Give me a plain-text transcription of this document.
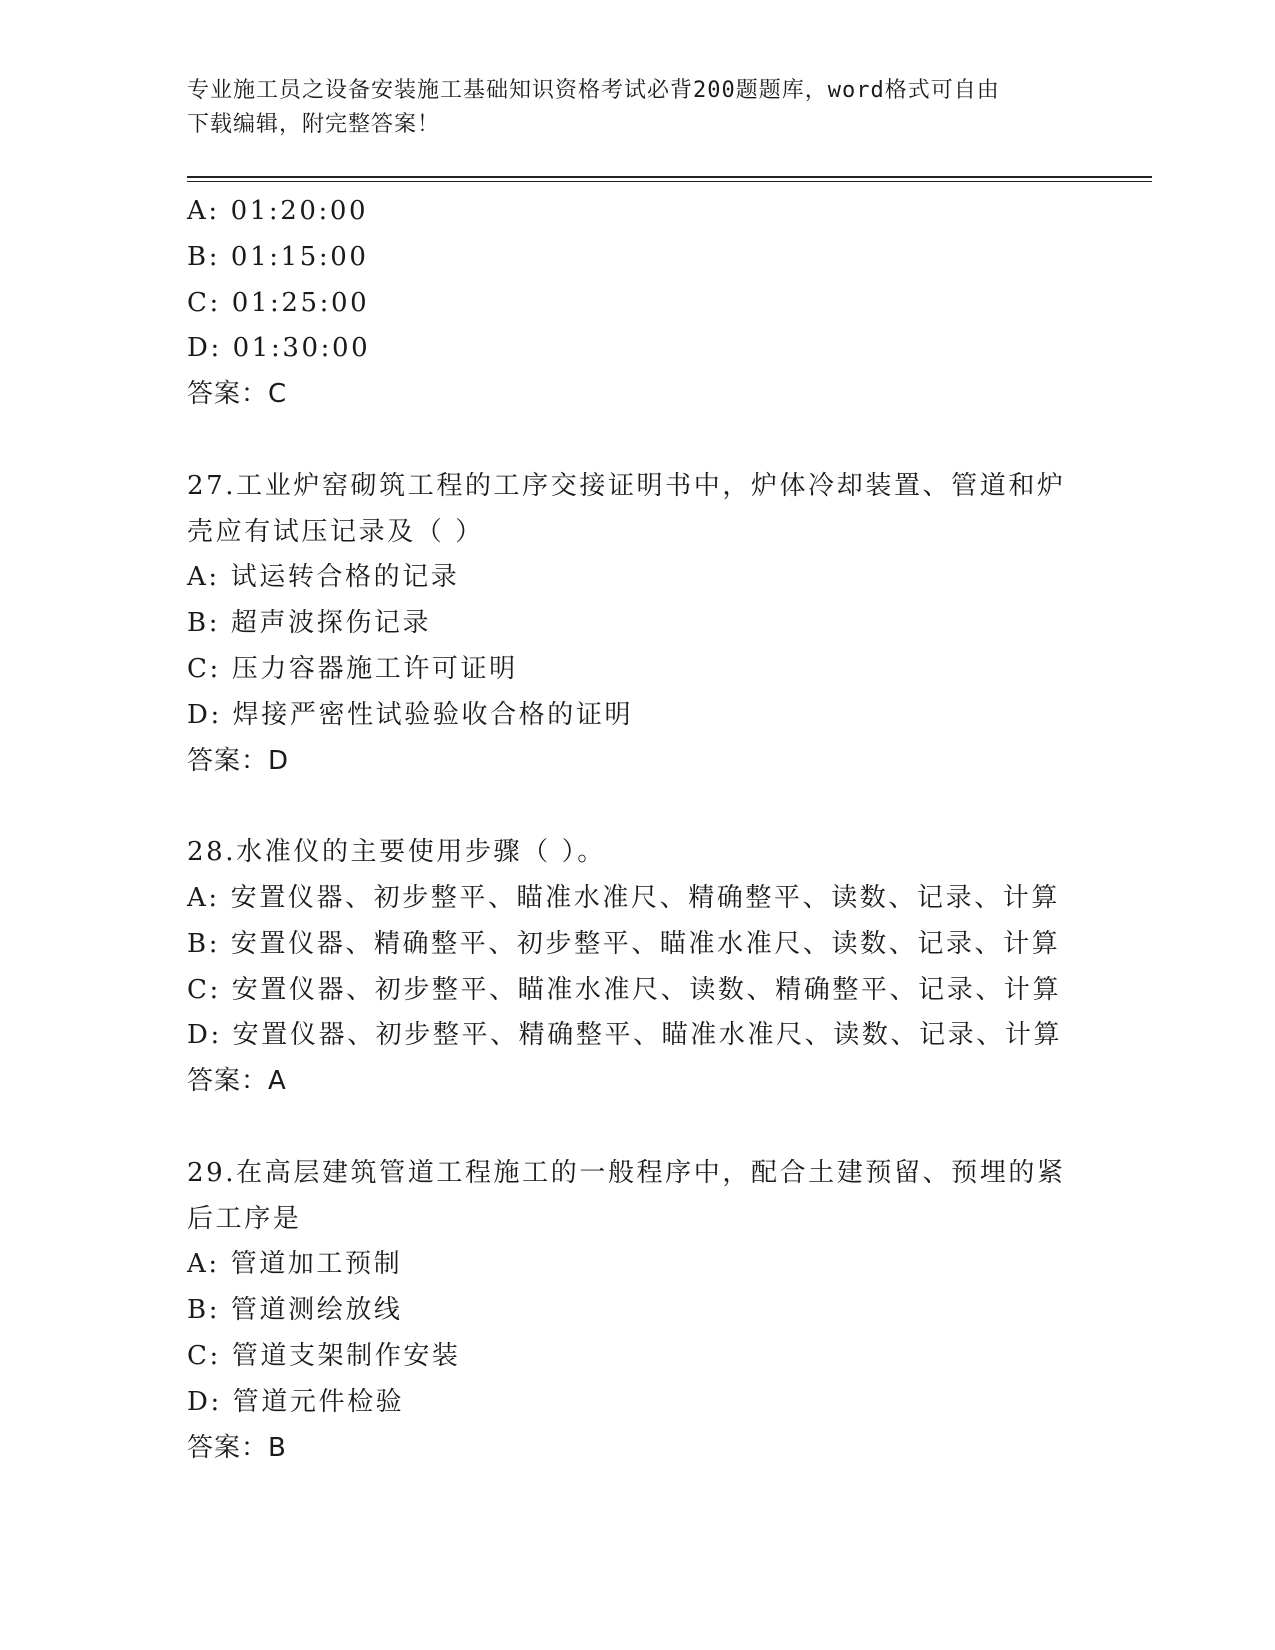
专业施工员之设备安装施工基础知识资格考试必背200题题库，word格式可自由
下载编辑，附完整答案！
A: 01:20:00
B: 01:15:00
C: 01:25:00
D: 01:30:00
答案：C
27.工业炉窑砌筑工程的工序交接证明书中，炉体冷却装置、管道和炉
壳应有试压记录及（ ）
A: 试运转合格的记录
B: 超声波探伤记录
C: 压力容器施工许可证明
D: 焊接严密性试验验收合格的证明
答案：D
28.水准仪的主要使用步骤（ ）。
A: 安置仪器、初步整平、瞄准水准尺、精确整平、读数、记录、计算
B: 安置仪器、精确整平、初步整平、瞄准水准尺、读数、记录、计算
C: 安置仪器、初步整平、瞄准水准尺、读数、精确整平、记录、计算
D: 安置仪器、初步整平、精确整平、瞄准水准尺、读数、记录、计算
答案：A
29.在高层建筑管道工程施工的一般程序中，配合土建预留、预埋的紧
后工序是
A: 管道加工预制
B: 管道测绘放线
C: 管道支架制作安装
D: 管道元件检验
答案：B
